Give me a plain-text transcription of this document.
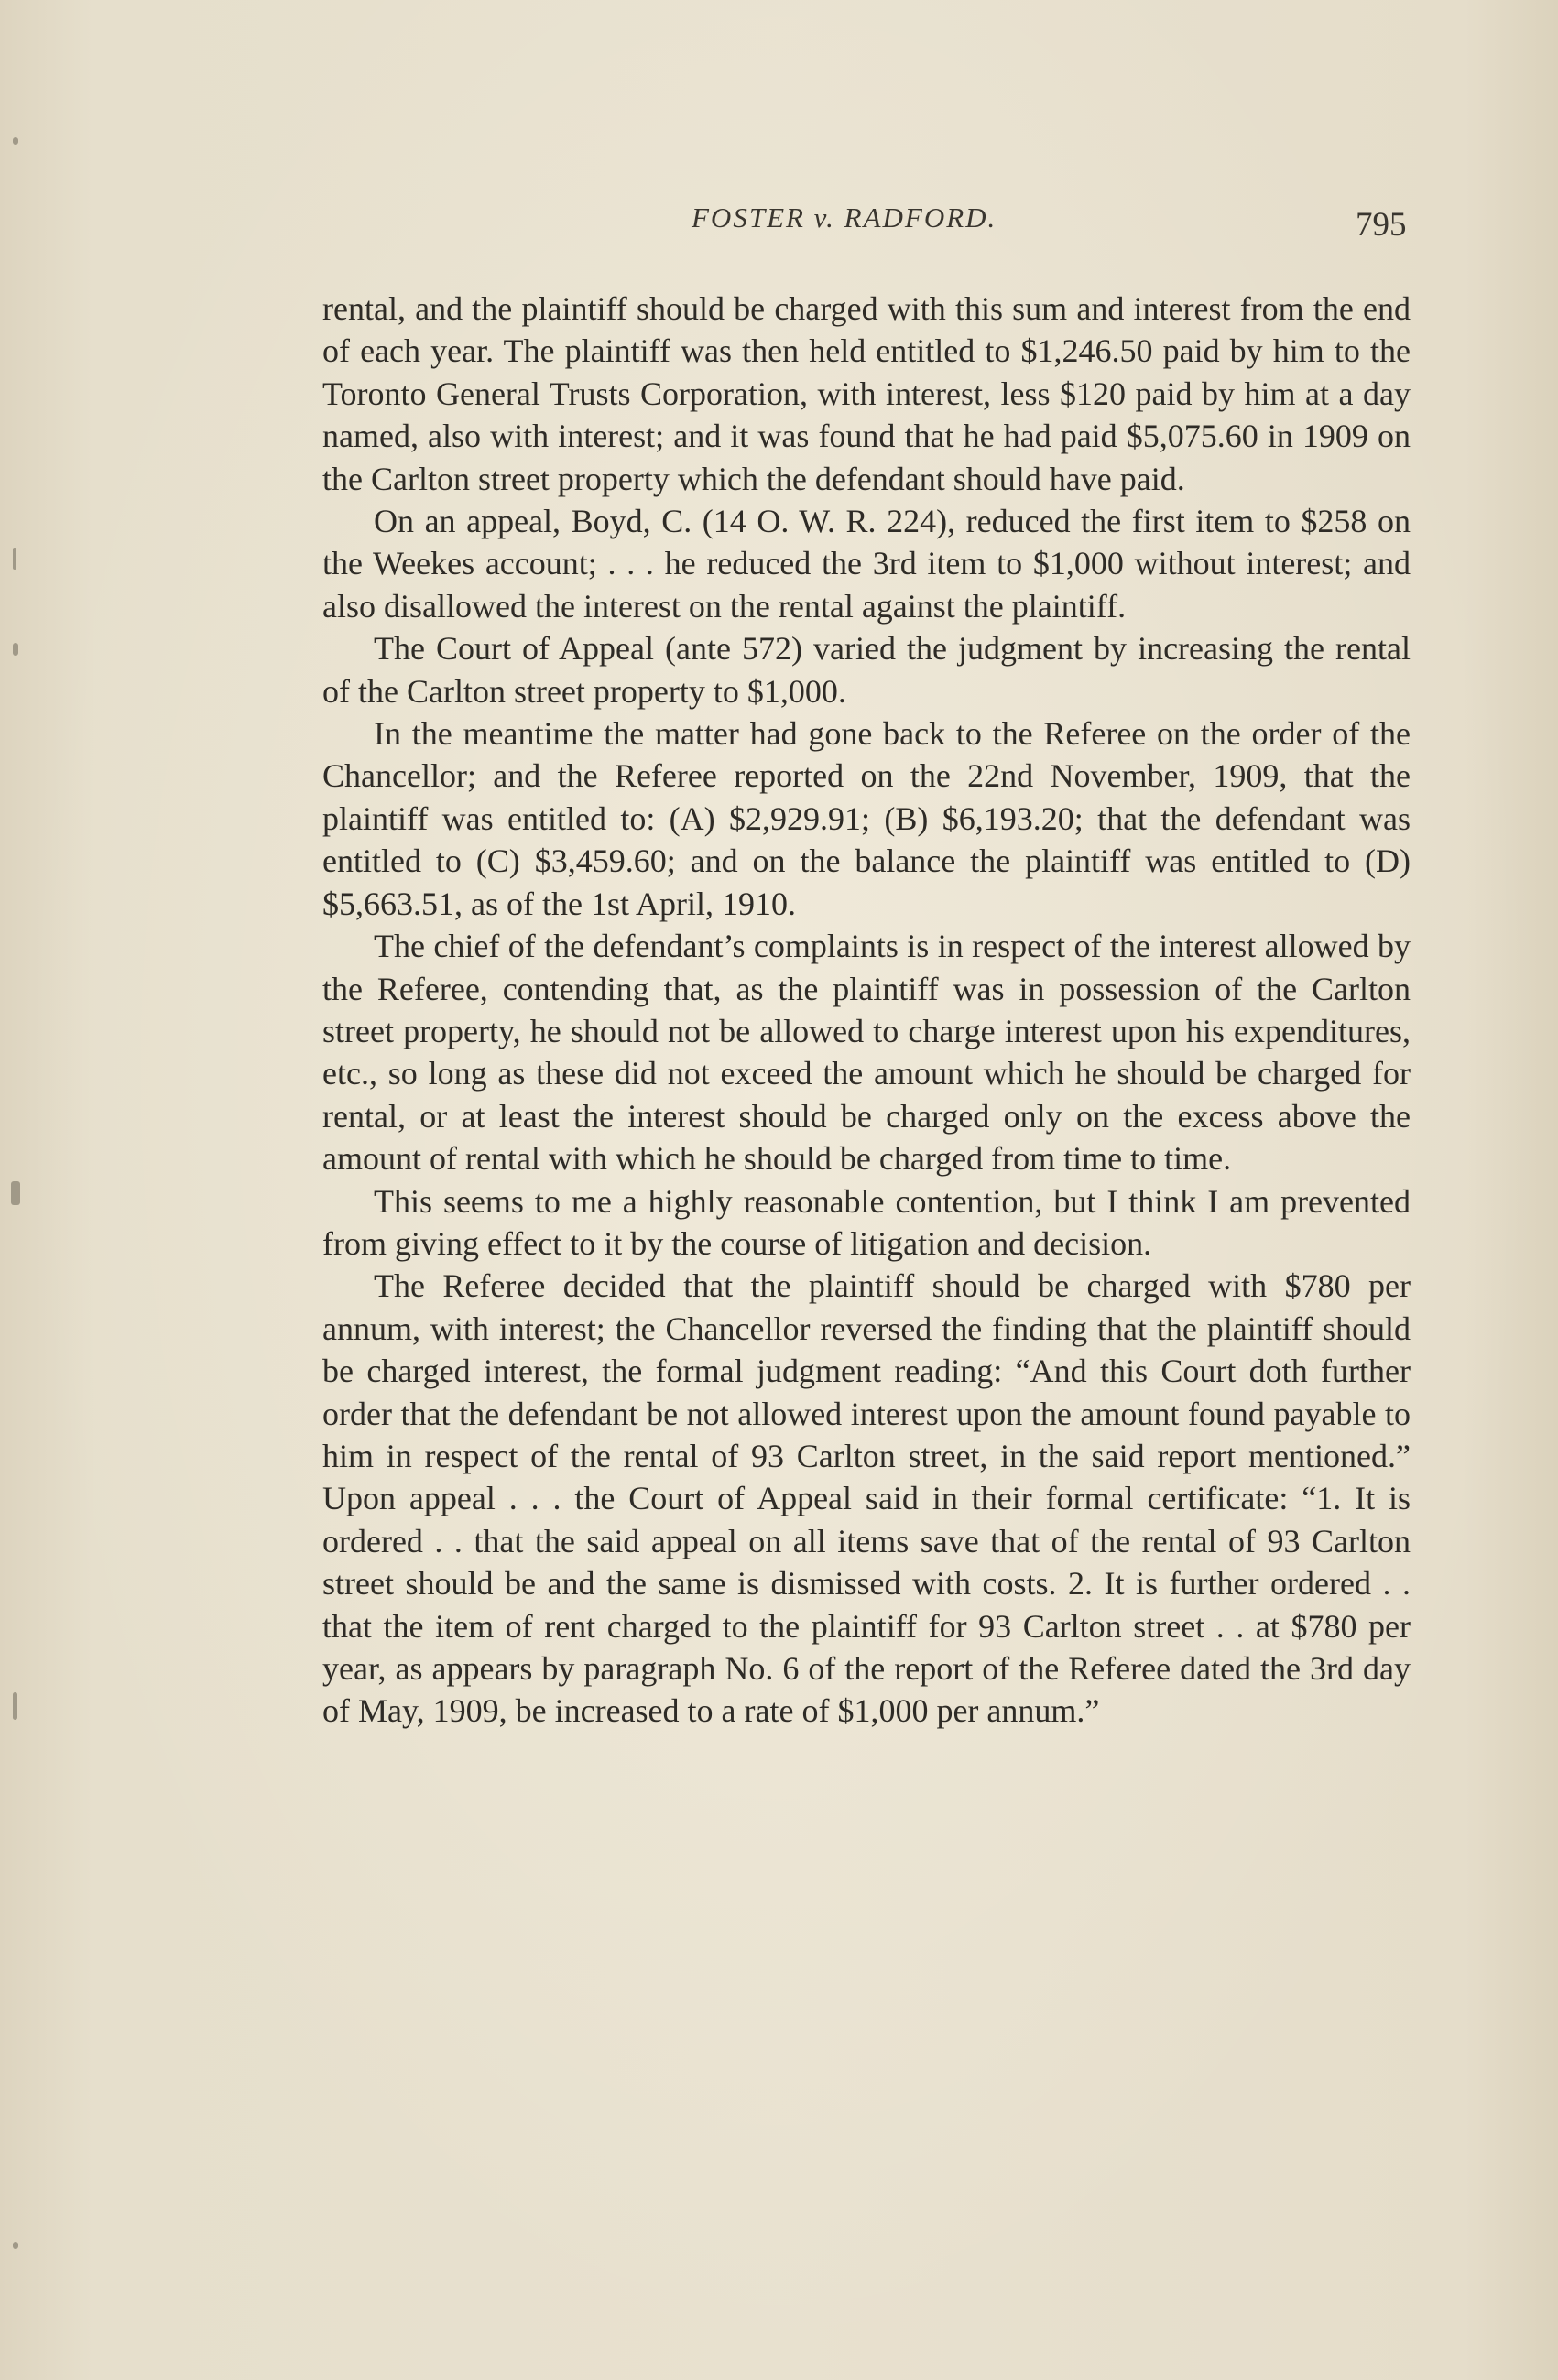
FOSTER v. RADFORD.	795

rental, and the plaintiff should be charged with this sum and interest from the end of each year. The plaintiff was then held entitled to $1,246.50 paid by him to the Toronto General Trusts Corporation, with interest, less $120 paid by him at a day named, also with interest; and it was found that he had paid $5,075.60 in 1909 on the Carlton street property which the defendant should have paid.

On an appeal, Boyd, C. (14 O. W. R. 224), reduced the first item to $258 on the Weekes account; . . . he reduced the 3rd item to $1,000 without interest; and also disallowed the interest on the rental against the plaintiff.

The Court of Appeal (ante 572) varied the judgment by increasing the rental of the Carlton street property to $1,000.

In the meantime the matter had gone back to the Referee on the order of the Chancellor; and the Referee reported on the 22nd November, 1909, that the plaintiff was entitled to: (A) $2,929.91; (B) $6,193.20; that the defendant was entitled to (C) $3,459.60; and on the balance the plaintiff was entitled to (D) $5,663.51, as of the 1st April, 1910.

The chief of the defendant’s complaints is in respect of the interest allowed by the Referee, contending that, as the plaintiff was in possession of the Carlton street property, he should not be allowed to charge interest upon his expenditures, etc., so long as these did not exceed the amount which he should be charged for rental, or at least the interest should be charged only on the excess above the amount of rental with which he should be charged from time to time.

This seems to me a highly reasonable contention, but I think I am prevented from giving effect to it by the course of litigation and decision.

The Referee decided that the plaintiff should be charged with $780 per annum, with interest; the Chancellor reversed the finding that the plaintiff should be charged interest, the formal judgment reading: “And this Court doth further order that the defendant be not allowed interest upon the amount found payable to him in respect of the rental of 93 Carlton street, in the said report mentioned.” Upon appeal . . . the Court of Appeal said in their formal certificate: “1. It is ordered . . that the said appeal on all items save that of the rental of 93 Carlton street should be and the same is dismissed with costs. 2. It is further ordered . . that the item of rent charged to the plaintiff for 93 Carlton street . . at $780 per year, as appears by paragraph No. 6 of the report of the Referee dated the 3rd day of May, 1909, be increased to a rate of $1,000 per annum.”
